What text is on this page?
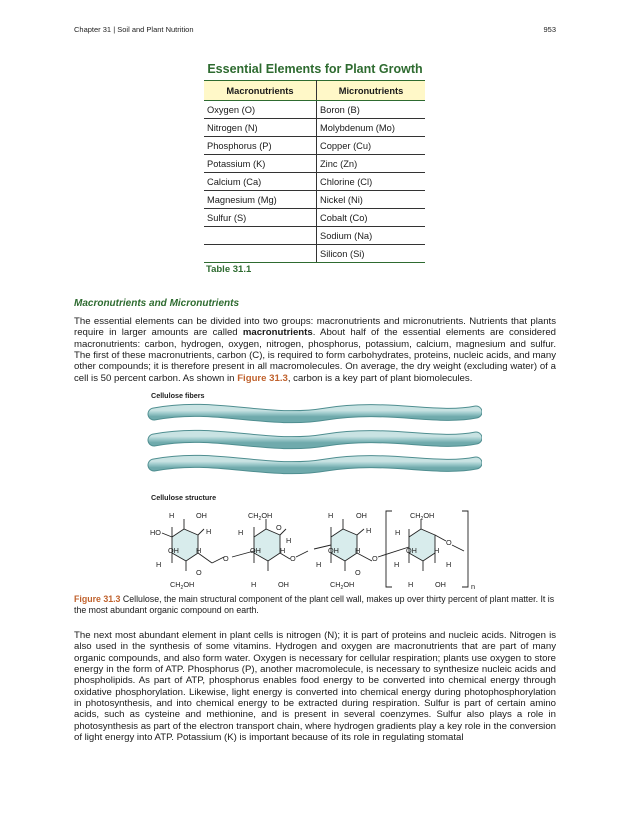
Chapter 31 | Soil and Plant Nutrition	953
Essential Elements for Plant Growth
Macronutrients	Micronutrients
Oxygen (O)	Boron (B)
Nitrogen (N)	Molybdenum (Mo)
Phosphorus (P)	Copper (Cu)
Potassium (K)	Zinc (Zn)
Calcium (Ca)	Chlorine (Cl)
Magnesium (Mg)	Nickel (Ni)
Sulfur (S)	Cobalt (Co)
	Sodium (Na)
	Silicon (Si)
Table 31.1
Macronutrients and Micronutrients

The essential elements can be divided into two groups: macronutrients and micronutrients. Nutrients that plants require in larger amounts are called macronutrients. About half of the essential elements are considered macronutrients: carbon, hydrogen, oxygen, nitrogen, phosphorus, potassium, calcium, magnesium and sulfur. The first of these macronutrients, carbon (C), is required to form carbohydrates, proteins, nucleic acids, and many other compounds; it is therefore present in all macromolecules. On average, the dry weight (excluding water) of a cell is 50 percent carbon. As shown in Figure 31.3, carbon is a key part of plant biomolecules.

Cellulose fibers
Cellulose structure
H	OH
HO	H
OH H
H
O
$CH_2OH$
O
$CH_2OH$
O
H
OH	H
H
H	OH
O
H	OH
H
OH H
H
O
$CH_2OH$
O
$CH_2OH$
H
O
OH H
H	H
H	OH	n
Figure 31.3 Cellulose, the main structural component of the plant cell wall, makes up over thirty percent of plant matter. It is the most abundant organic compound on earth.

The next most abundant element in plant cells is nitrogen (N); it is part of proteins and nucleic acids. Nitrogen is also used in the synthesis of some vitamins. Hydrogen and oxygen are macronutrients that are part of many organic compounds, and also form water. Oxygen is necessary for cellular respiration; plants use oxygen to store energy in the form of ATP. Phosphorus (P), another macromolecule, is necessary to synthesize nucleic acids and phospholipids. As part of ATP, phosphorus enables food energy to be converted into chemical energy through oxidative phosphorylation. Likewise, light energy is converted into chemical energy during photophosphorylation in photosynthesis, and into chemical energy to be extracted during respiration. Sulfur is part of certain amino acids, such as cysteine and methionine, and is present in several coenzymes. Sulfur also plays a role in photosynthesis as part of the electron transport chain, where hydrogen gradients play a key role in the conversion of light energy into ATP. Potassium (K) is important because of its role in regulating stomatal
